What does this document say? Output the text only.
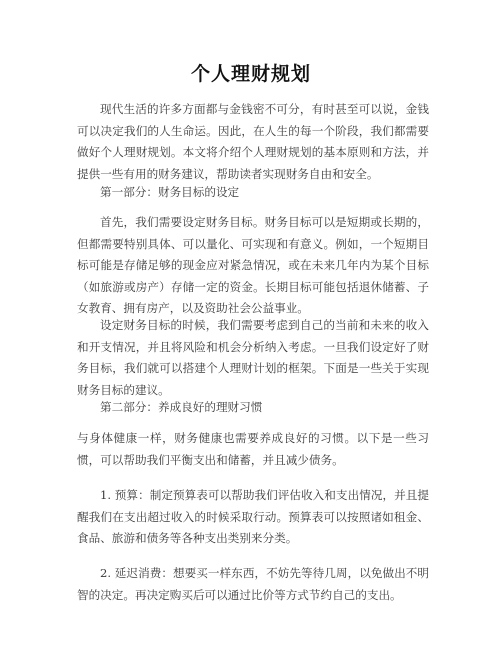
个人理财规划

现代生活的许多方面都与金钱密不可分，有时甚至可以说，金钱可以决定我们的人生命运。因此，在人生的每一个阶段，我们都需要做好个人理财规划。本文将介绍个人理财规划的基本原则和方法，并提供一些有用的财务建议，帮助读者实现财务自由和安全。

第一部分：财务目标的设定

首先，我们需要设定财务目标。财务目标可以是短期或长期的，但都需要特别具体、可以量化、可实现和有意义。例如，一个短期目标可能是存储足够的现金应对紧急情况，或在未来几年内为某个目标（如旅游或房产）存储一定的资金。长期目标可能包括退休储蓄、子女教育、拥有房产，以及资助社会公益事业。

设定财务目标的时候，我们需要考虑到自己的当前和未来的收入和开支情况，并且将风险和机会分析纳入考虑。一旦我们设定好了财务目标，我们就可以搭建个人理财计划的框架。下面是一些关于实现财务目标的建议。

第二部分：养成良好的理财习惯

与身体健康一样，财务健康也需要养成良好的习惯。以下是一些习惯，可以帮助我们平衡支出和储蓄，并且减少债务。

1. 预算：制定预算表可以帮助我们评估收入和支出情况，并且提醒我们在支出超过收入的时候采取行动。预算表可以按照诸如租金、食品、旅游和债务等各种支出类别来分类。

2. 延迟消费：想要买一样东西，不妨先等待几周，以免做出不明智的决定。再决定购买后可以通过比价等方式节约自己的支出。
